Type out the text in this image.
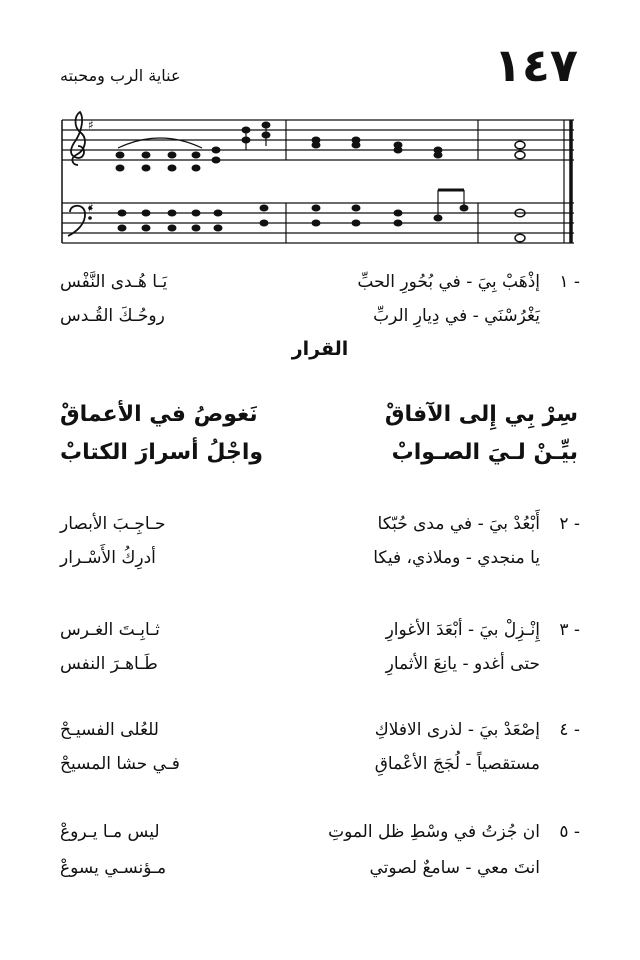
١٤٧
عناية الرب ومحبته
♯
♯
١ -
إذْهَبْ بِيَ - في بُحُورِ الحبِّ
يَـا هُـدى النَّفْس
يَغْرُسْنَي - في دِيارِ الربِّ
روحُـكَ القُـدس
القرار
سِرْ بِي إِلى الآفاقْ
نَغوصُ في الأعماقْ
بيِّـنْ لـيَ الصـوابْ
واجْلُ أسرارَ الكتابْ
٢ -
أَبْعُدْ بيَ - في مدى حُبّكا
حـاجِـبَ الأبصار
يا منجدي - وملاذي، فيكا
أدرِكُ الأَسْـرار
٣ -
إِنْـزِلْ بيَ - أبْعَدَ الأغوارِ
ثـابِـتَ الغـرس
حتى أغدو - يانِعَ الأثمارِ
طَـاهـرَ النفس
٤ -
إصْعَدْ بيَ - لذرى الافلاكِ
للعُلى الفسيـحْ
مستقصياً - لُجَجَ الأعْماقِ
فـي حشا المسيحْ
٥ -
ان جُزتُ في وسْطِ ظل الموتِ
ليس مـا يـروعْ
انتَ معي - سامعٌ لصوتي
مـؤنسـي يسوعْ
